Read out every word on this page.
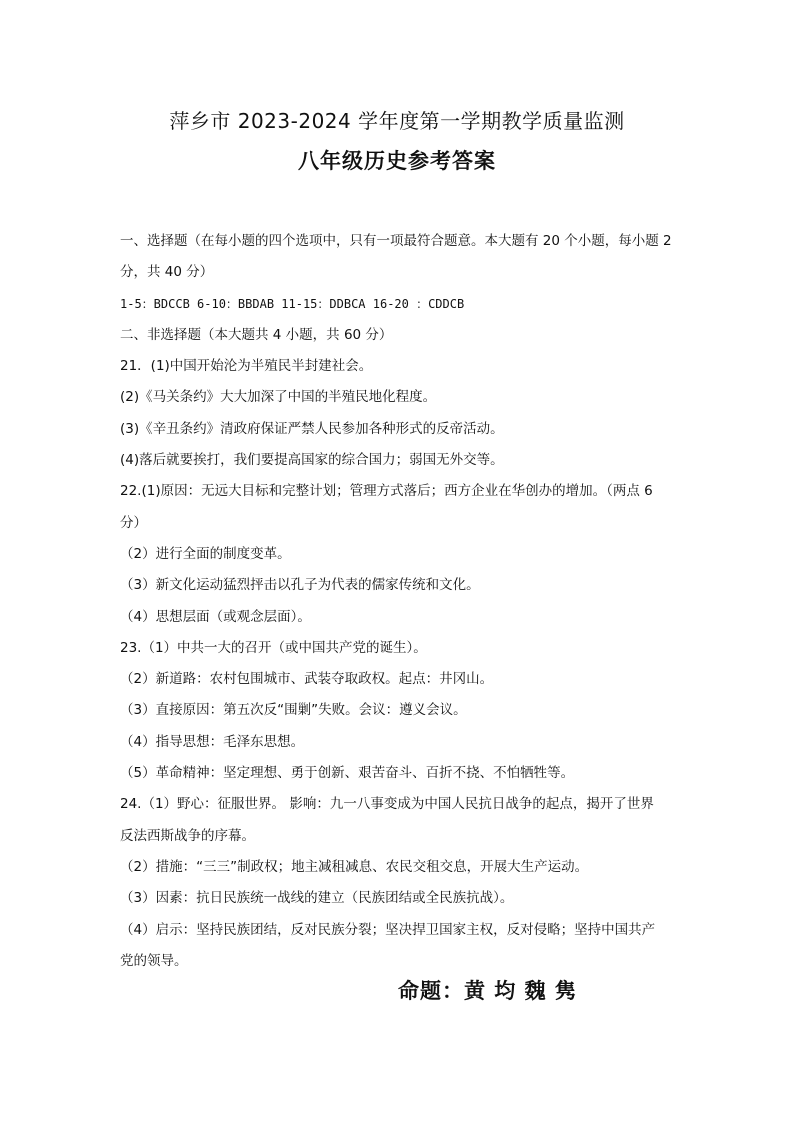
萍乡市 2023-2024 学年度第一学期教学质量监测
八年级历史参考答案
一、选择题（在每小题的四个选项中，只有一项最符合题意。本大题有 20 个小题，每小题 2
分，共 40 分）
1-5：BDCCB 6-10：BBDAB 11-15：DDBCA 16-20 ：CDDCB
二、非选择题（本大题共 4 小题，共 60 分）
21．(1)中国开始沦为半殖民半封建社会。
(2)《马关条约》大大加深了中国的半殖民地化程度。
(3)《辛丑条约》清政府保证严禁人民参加各种形式的反帝活动。
(4)落后就要挨打，我们要提高国家的综合国力；弱国无外交等。
22.(1)原因：无远大目标和完整计划；管理方式落后；西方企业在华创办的增加。（两点 6
分）
（2）进行全面的制度变革。
（3）新文化运动猛烈抨击以孔子为代表的儒家传统和文化。
（4）思想层面（或观念层面）。
23.（1）中共一大的召开（或中国共产党的诞生）。
（2）新道路：农村包围城市、武装夺取政权。起点：井冈山。
（3）直接原因：第五次反“围剿”失败。会议：遵义会议。
（4）指导思想：毛泽东思想。
（5）革命精神：坚定理想、勇于创新、艰苦奋斗、百折不挠、不怕牺牲等。
24.（1）野心：征服世界。 影响：九一八事变成为中国人民抗日战争的起点，揭开了世界
反法西斯战争的序幕。
（2）措施：“三三”制政权；地主减租减息、农民交租交息，开展大生产运动。
（3）因素：抗日民族统一战线的建立（民族团结或全民族抗战）。
（4）启示：坚持民族团结，反对民族分裂；坚决捍卫国家主权，反对侵略；坚持中国共产
党的领导。
命题：黄 均 魏 隽
